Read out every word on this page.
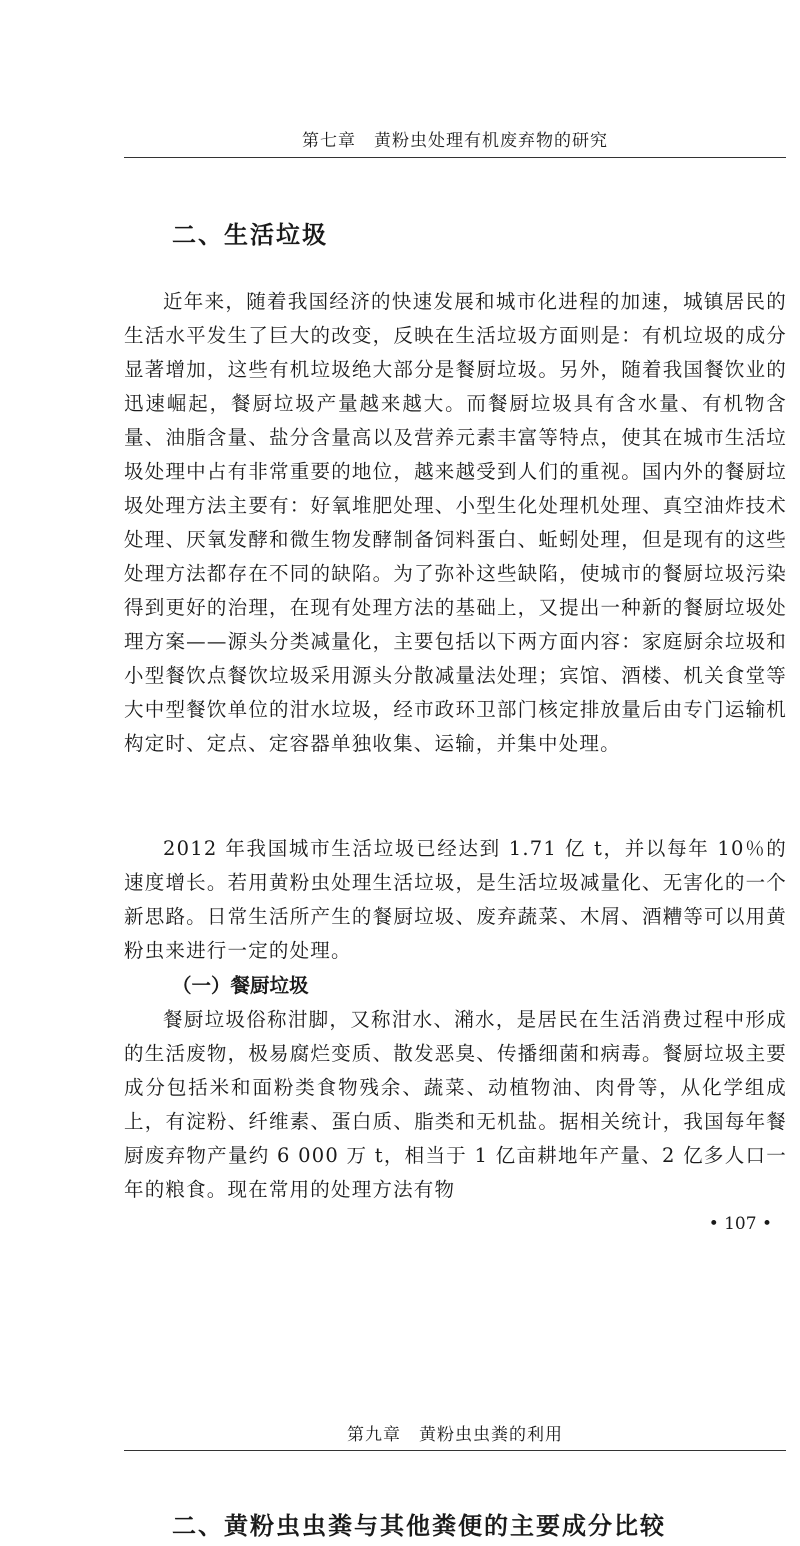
第七章　黄粉虫处理有机废弃物的研究
二、生活垃圾

近年来，随着我国经济的快速发展和城市化进程的加速，城镇居民的生活水平发生了巨大的改变，反映在生活垃圾方面则是：有机垃圾的成分显著增加，这些有机垃圾绝大部分是餐厨垃圾。另外，随着我国餐饮业的迅速崛起，餐厨垃圾产量越来越大。而餐厨垃圾具有含水量、有机物含量、油脂含量、盐分含量高以及营养元素丰富等特点，使其在城市生活垃圾处理中占有非常重要的地位，越来越受到人们的重视。国内外的餐厨垃圾处理方法主要有：好氧堆肥处理、小型生化处理机处理、真空油炸技术处理、厌氧发酵和微生物发酵制备饲料蛋白、蚯蚓处理，但是现有的这些处理方法都存在不同的缺陷。为了弥补这些缺陷，使城市的餐厨垃圾污染得到更好的治理，在现有处理方法的基础上，又提出一种新的餐厨垃圾处理方案——源头分类减量化，主要包括以下两方面内容：家庭厨余垃圾和小型餐饮点餐饮垃圾采用源头分散减量法处理；宾馆、酒楼、机关食堂等大中型餐饮单位的泔水垃圾，经市政环卫部门核定排放量后由专门运输机构定时、定点、定容器单独收集、运输，并集中处理。

2012 年我国城市生活垃圾已经达到 1.71 亿 t，并以每年 10％的速度增长。若用黄粉虫处理生活垃圾，是生活垃圾减量化、无害化的一个新思路。日常生活所产生的餐厨垃圾、废弃蔬菜、木屑、酒糟等可以用黄粉虫来进行一定的处理。

（一）餐厨垃圾

餐厨垃圾俗称泔脚，又称泔水、潲水，是居民在生活消费过程中形成的生活废物，极易腐烂变质、散发恶臭、传播细菌和病毒。餐厨垃圾主要成分包括米和面粉类食物残余、蔬菜、动植物油、肉骨等，从化学组成上，有淀粉、纤维素、蛋白质、脂类和无机盐。据相关统计，我国每年餐厨废弃物产量约 6 000 万 t，相当于 1 亿亩耕地年产量、2 亿多人口一年的粮食。现在常用的处理方法有物

• 107 •
第九章　黄粉虫虫粪的利用
二、黄粉虫虫粪与其他粪便的主要成分比较
